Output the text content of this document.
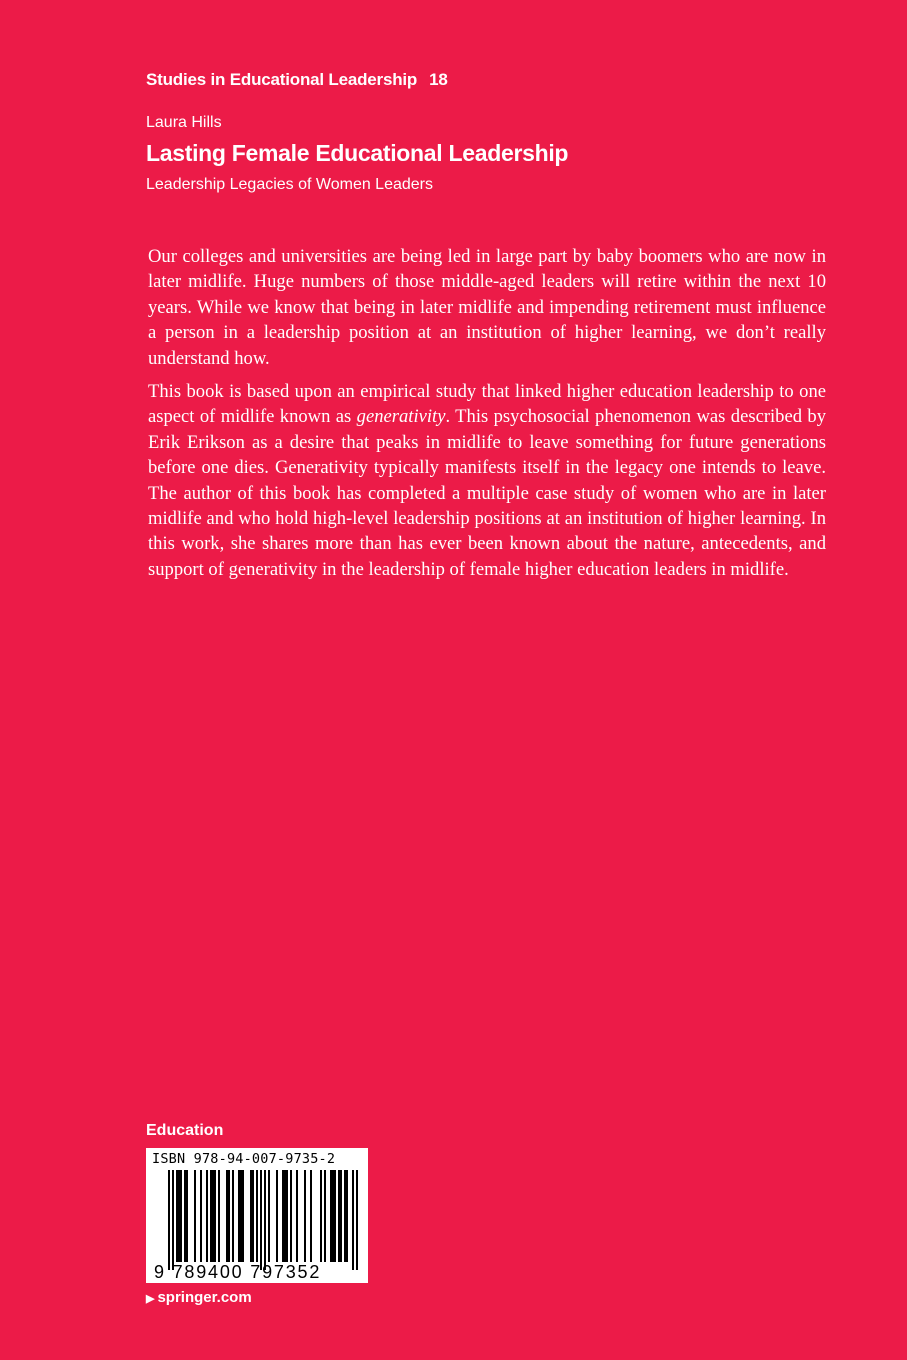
Studies in Educational Leadership 18
Laura Hills
Lasting Female Educational Leadership
Leadership Legacies of Women Leaders

Our colleges and universities are being led in large part by baby boomers who are now in later midlife. Huge numbers of those middle-aged leaders will retire within the next 10 years. While we know that being in later midlife and impending retirement must influence a person in a leadership position at an institution of higher learning, we don’t really understand how.

This book is based upon an empirical study that linked higher education leadership to one aspect of midlife known as generativity. This psychosocial phenomenon was described by Erik Erikson as a desire that peaks in midlife to leave something for future generations before one dies. Generativity typically manifests itself in the legacy one intends to leave. The author of this book has completed a multiple case study of women who are in later midlife and who hold high-level leadership positions at an institution of higher learning. In this work, she shares more than has ever been known about the nature, antecedents, and support of generativity in the leadership of female higher education leaders in midlife.

Education
ISBN 978-94-007-9735-2
9 789400 797352
▶ springer.com
